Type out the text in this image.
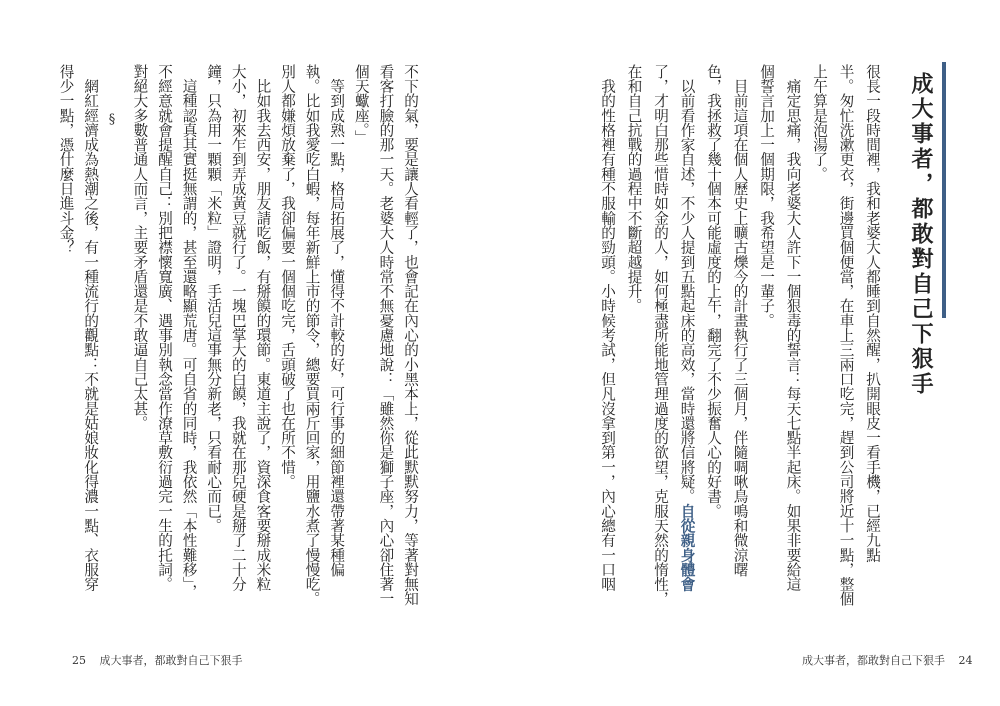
成大事者，都敢對自己下狠手
很長一段時間裡，我和老婆大人都睡到自然醒，扒開眼皮一看手機，已經九點
半。匆忙洗漱更衣，街邊買個便當，在車上三兩口吃完，趕到公司將近十一點，整個
上午算是泡湯了。
　痛定思痛，我向老婆大人許下一個狠毒的誓言：每天七點半起床。如果非要給這
個誓言加上一個期限，我希望是一輩子。
　目前這項在個人歷史上曠古爍今的計畫執行了三個月，伴隨啁啾鳥鳴和微涼曙
色，我拯救了幾十個本可能虛度的上午，翻完了不少振奮人心的好書。
　以前看作家自述，不少人提到五點起床的高效，當時還將信將疑。自從親身體會
了，才明白那些惜時如金的人，如何極盡所能地管理過度的欲望，克服天然的惰性，
在和自己抗戰的過程中不斷超越提升。
　我的性格裡有種不服輸的勁頭。小時候考試，但凡沒拿到第一，內心總有一口咽
成大事者，都敢對自己下狠手 24
不下的氣，要是讓人看輕了，也會記在內心的小黑本上，從此默默努力，等著對無知
看客打臉的那一天。老婆大人時常不無憂慮地說：「雖然你是獅子座，內心卻住著一
個天蠍座。」
　等到成熟一點，格局拓展了，懂得不計較的好，可行事的細節裡還帶著某種偏
執。比如我愛吃白蝦，每年新鮮上市的節令，總要買兩斤回家，用鹽水煮了慢慢吃。
別人都嫌煩放棄了，我卻偏要一個個吃完，舌頭破了也在所不惜。
　比如我去西安，朋友請吃飯，有掰饃的環節。東道主說了，資深食客要掰成米粒
大小，初來乍到弄成黃豆就行了。一塊巴掌大的白饃，我就在那兒硬是掰了二十分
鐘，只為用一顆顆「米粒」證明，手活兒這事無分新老，只看耐心而已。
　這種認真其實挺無謂的，甚至還略顯荒唐。可自省的同時，我依然「本性難移」，
不經意就會提醒自己：別把襟懷寬廣、遇事別執念當作潦草敷衍過完一生的托詞。
對絕大多數普通人而言，主要矛盾還是不敢逼自己太甚。
§
　網紅經濟成為熱潮之後，有一種流行的觀點：不就是姑娘妝化得濃一點、衣服穿
得少一點，憑什麼日進斗金？
25 成大事者，都敢對自己下狠手
